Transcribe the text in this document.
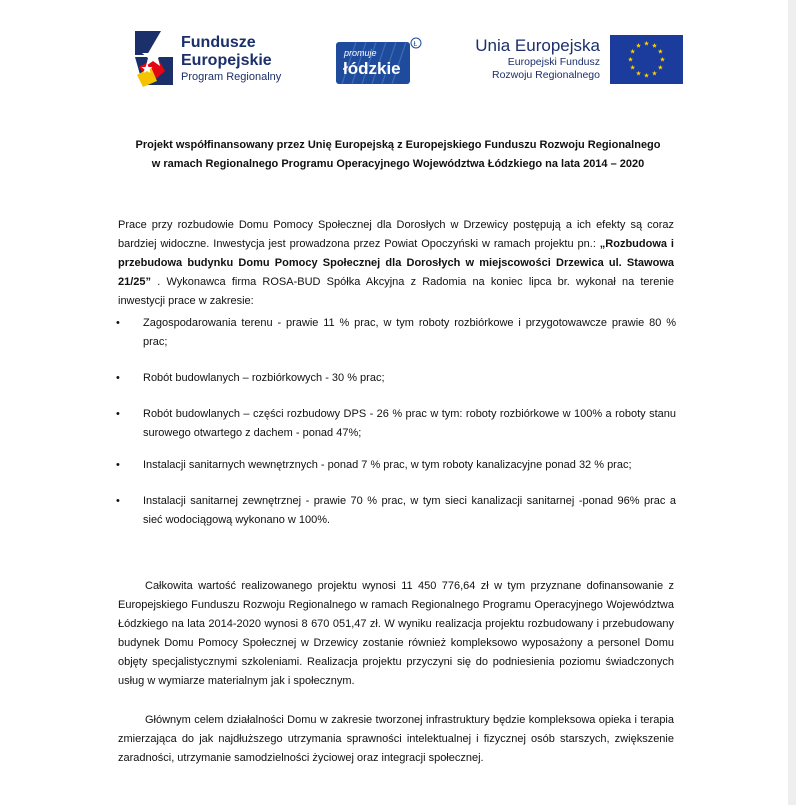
Fundusze
Europejskie
Program Regionalny
promuje
łódzkie
Ł	Unia Europejska
Europejski Fundusz
Rozwoju Regionalnego
Projekt współfinansowany przez Unię Europejską z Europejskiego Funduszu Rozwoju Regionalnego
w ramach Regionalnego Programu Operacyjnego Województwa Łódzkiego na lata 2014 – 2020
Prace przy rozbudowie Domu Pomocy Społecznej dla Dorosłych w Drzewicy postępują a ich efekty są coraz bardziej widoczne. Inwestycja jest prowadzona przez Powiat Opoczyński w ramach projektu pn.: „Rozbudowa i przebudowa budynku Domu Pomocy Społecznej dla Dorosłych w miejscowości Drzewica ul. Stawowa 21/25” . Wykonawca firma ROSA-BUD Spółka Akcyjna z Radomia na koniec lipca br. wykonał na terenie inwestycji prace w zakresie:
• Zagospodarowania terenu - prawie 11 % prac, w tym roboty rozbiórkowe i przygotowawcze prawie 80 % prac;
• Robót budowlanych – rozbiórkowych - 30 % prac;
• Robót budowlanych – części rozbudowy DPS - 26 % prac w tym: roboty rozbiórkowe w 100% a roboty stanu surowego otwartego z dachem - ponad 47%;
• Instalacji sanitarnych wewnętrznych - ponad 7 % prac, w tym roboty kanalizacyjne ponad 32 % prac;
• Instalacji sanitarnej zewnętrznej - prawie 70 % prac, w tym sieci kanalizacji sanitarnej -ponad 96% prac a sieć wodociągową wykonano w 100%.
Całkowita wartość realizowanego projektu wynosi 11 450 776,64 zł w tym przyznane dofinansowanie z Europejskiego Funduszu Rozwoju Regionalnego w ramach Regionalnego Programu Operacyjnego Województwa Łódzkiego na lata 2014-2020 wynosi 8 670 051,47 zł. W wyniku realizacja projektu rozbudowany i przebudowany budynek Domu Pomocy Społecznej w Drzewicy zostanie również kompleksowo wyposażony a personel Domu objęty specjalistycznymi szkoleniami. Realizacja projektu przyczyni się do podniesienia poziomu świadczonych usług w wymiarze materialnym jak i społecznym.
Głównym celem działalności Domu w zakresie tworzonej infrastruktury będzie kompleksowa opieka i terapia zmierzająca do jak najdłuższego utrzymania sprawności intelektualnej i fizycznej osób starszych, zwiększenie zaradności, utrzymanie samodzielności życiowej oraz integracji społecznej.
